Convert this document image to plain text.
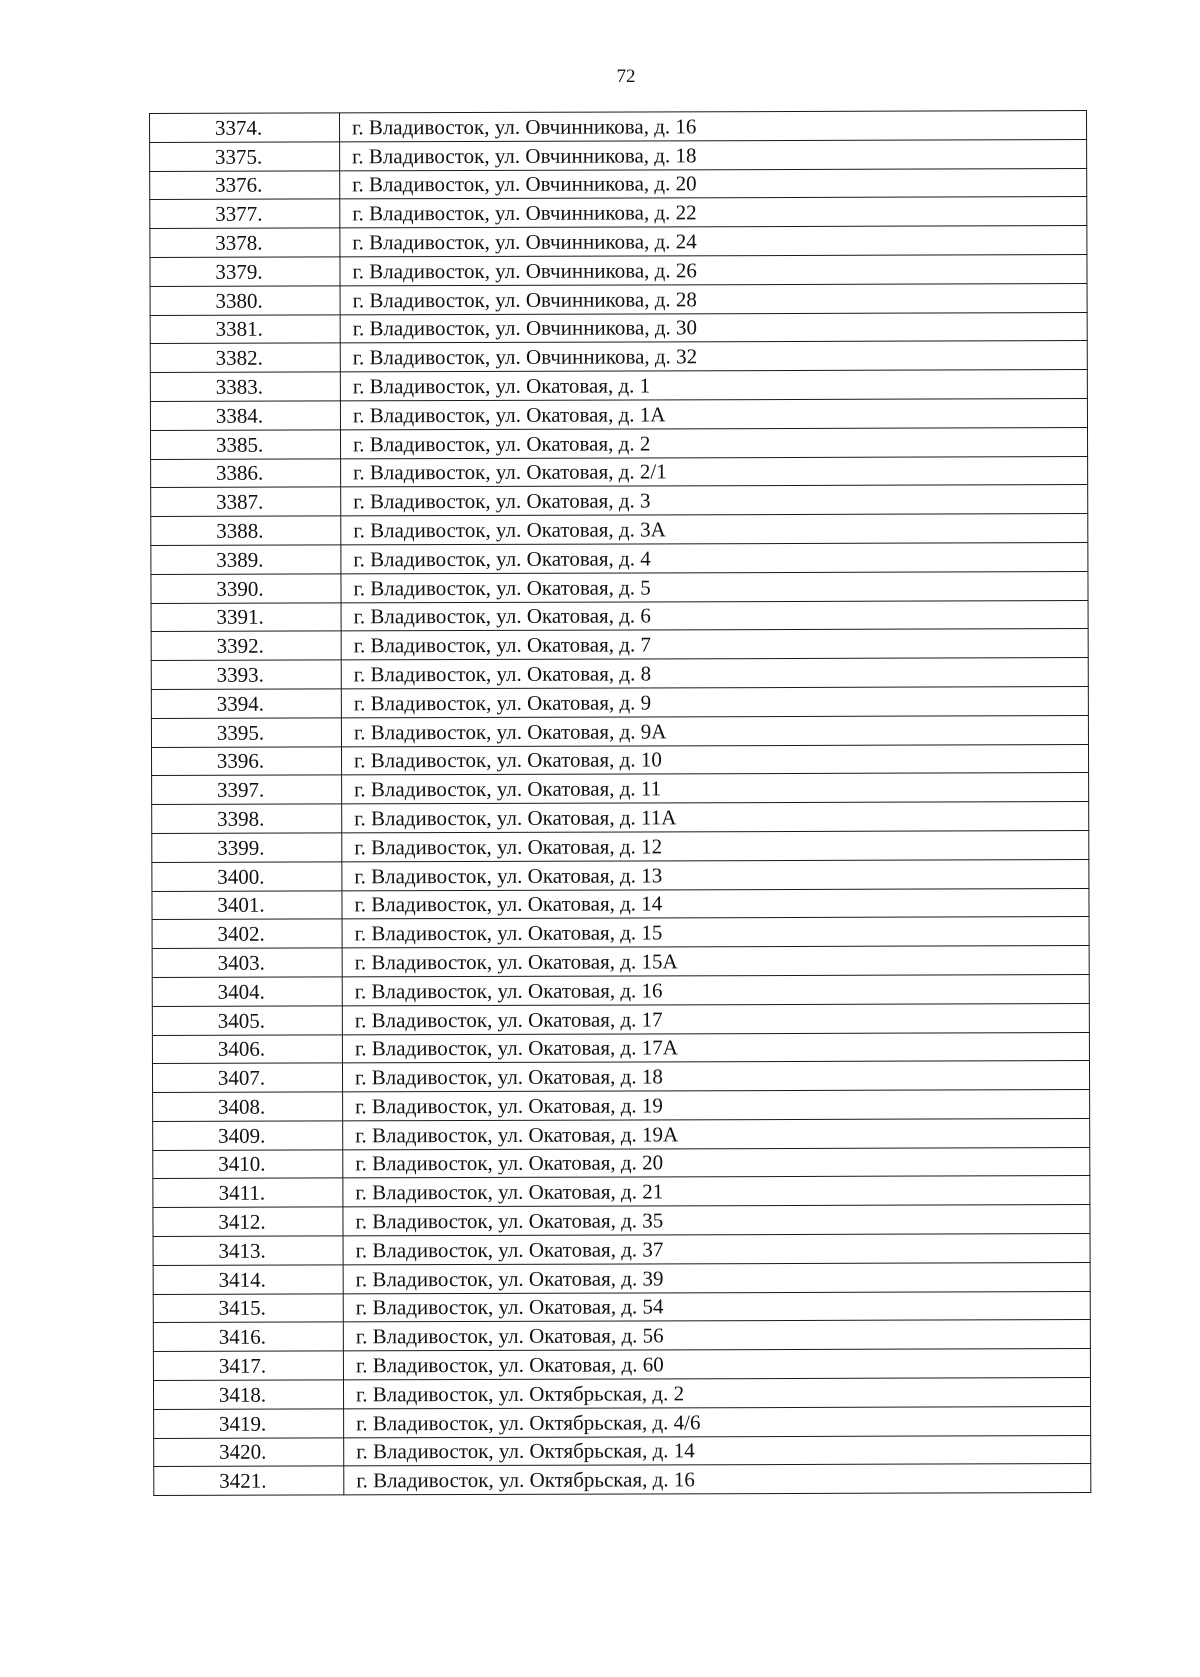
72
3374.	г. Владивосток, ул. Овчинникова, д. 16
3375.	г. Владивосток, ул. Овчинникова, д. 18
3376.	г. Владивосток, ул. Овчинникова, д. 20
3377.	г. Владивосток, ул. Овчинникова, д. 22
3378.	г. Владивосток, ул. Овчинникова, д. 24
3379.	г. Владивосток, ул. Овчинникова, д. 26
3380.	г. Владивосток, ул. Овчинникова, д. 28
3381.	г. Владивосток, ул. Овчинникова, д. 30
3382.	г. Владивосток, ул. Овчинникова, д. 32
3383.	г. Владивосток, ул. Окатовая, д. 1
3384.	г. Владивосток, ул. Окатовая, д. 1А
3385.	г. Владивосток, ул. Окатовая, д. 2
3386.	г. Владивосток, ул. Окатовая, д. 2/1
3387.	г. Владивосток, ул. Окатовая, д. 3
3388.	г. Владивосток, ул. Окатовая, д. 3А
3389.	г. Владивосток, ул. Окатовая, д. 4
3390.	г. Владивосток, ул. Окатовая, д. 5
3391.	г. Владивосток, ул. Окатовая, д. 6
3392.	г. Владивосток, ул. Окатовая, д. 7
3393.	г. Владивосток, ул. Окатовая, д. 8
3394.	г. Владивосток, ул. Окатовая, д. 9
3395.	г. Владивосток, ул. Окатовая, д. 9А
3396.	г. Владивосток, ул. Окатовая, д. 10
3397.	г. Владивосток, ул. Окатовая, д. 11
3398.	г. Владивосток, ул. Окатовая, д. 11А
3399.	г. Владивосток, ул. Окатовая, д. 12
3400.	г. Владивосток, ул. Окатовая, д. 13
3401.	г. Владивосток, ул. Окатовая, д. 14
3402.	г. Владивосток, ул. Окатовая, д. 15
3403.	г. Владивосток, ул. Окатовая, д. 15А
3404.	г. Владивосток, ул. Окатовая, д. 16
3405.	г. Владивосток, ул. Окатовая, д. 17
3406.	г. Владивосток, ул. Окатовая, д. 17А
3407.	г. Владивосток, ул. Окатовая, д. 18
3408.	г. Владивосток, ул. Окатовая, д. 19
3409.	г. Владивосток, ул. Окатовая, д. 19А
3410.	г. Владивосток, ул. Окатовая, д. 20
3411.	г. Владивосток, ул. Окатовая, д. 21
3412.	г. Владивосток, ул. Окатовая, д. 35
3413.	г. Владивосток, ул. Окатовая, д. 37
3414.	г. Владивосток, ул. Окатовая, д. 39
3415.	г. Владивосток, ул. Окатовая, д. 54
3416.	г. Владивосток, ул. Окатовая, д. 56
3417.	г. Владивосток, ул. Окатовая, д. 60
3418.	г. Владивосток, ул. Октябрьская, д. 2
3419.	г. Владивосток, ул. Октябрьская, д. 4/6
3420.	г. Владивосток, ул. Октябрьская, д. 14
3421.	г. Владивосток, ул. Октябрьская, д. 16
